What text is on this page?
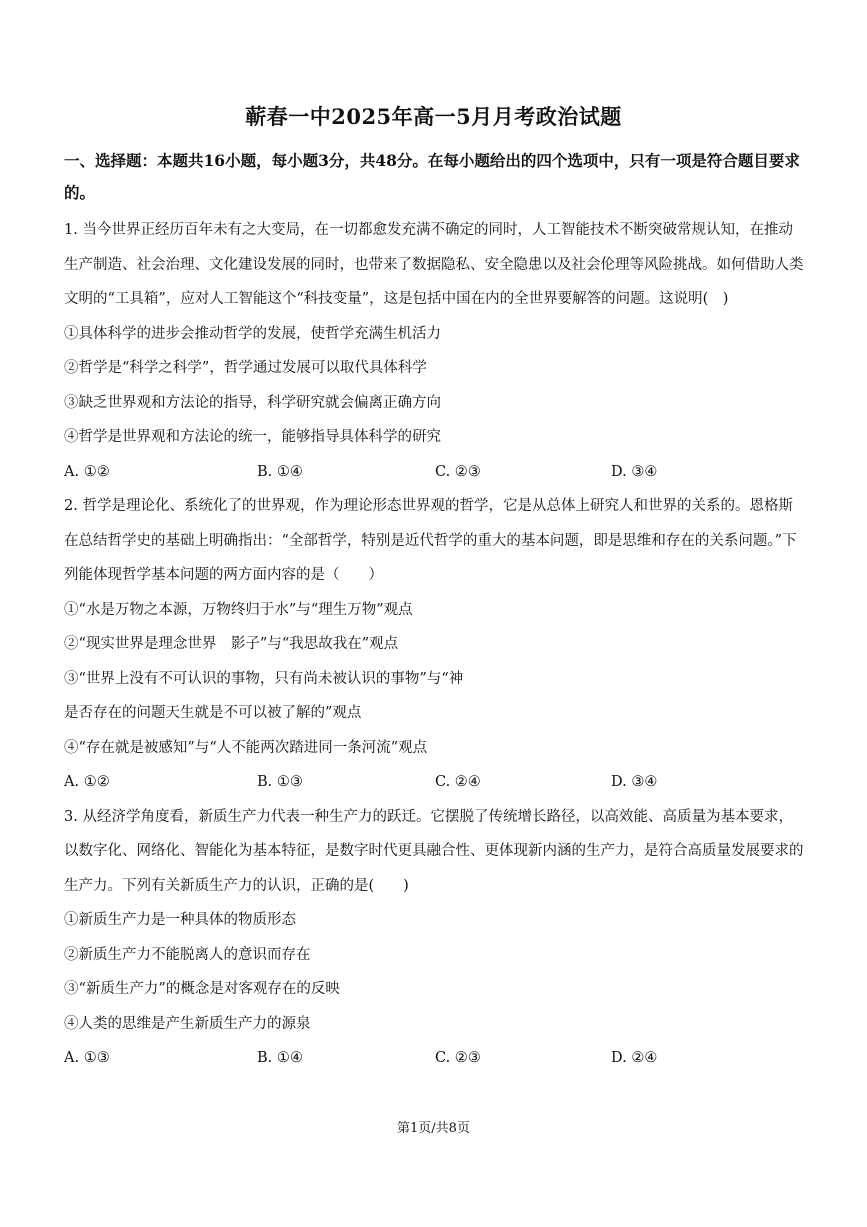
蕲春一中2025年高一5月月考政治试题
一、选择题：本题共16小题，每小题3分，共48分。在每小题给出的四个选项中，只有一项是符合题目要求的。

1. 当今世界正经历百年未有之大变局，在一切都愈发充满不确定的同时，人工智能技术不断突破常规认知，在推动生产制造、社会治理、文化建设发展的同时，也带来了数据隐私、安全隐患以及社会伦理等风险挑战。如何借助人类文明的“工具箱”，应对人工智能这个“科技变量”，这是包括中国在内的全世界要解答的问题。这说明(　)

①具体科学的进步会推动哲学的发展，使哲学充满生机活力

②哲学是“科学之科学”，哲学通过发展可以取代具体科学

③缺乏世界观和方法论的指导，科学研究就会偏离正确方向

④哲学是世界观和方法论的统一，能够指导具体科学的研究

A. ①②	B. ①④	C. ②③	D. ③④

2. 哲学是理论化、系统化了的世界观，作为理论形态世界观的哲学，它是从总体上研究人和世界的关系的。恩格斯在总结哲学史的基础上明确指出：“全部哲学，特别是近代哲学的重大的基本问题，即是思维和存在的关系问题。”下列能体现哲学基本问题的两方面内容的是（　　）

①“水是万物之本源，万物终归于水”与“理生万物”观点

②“现实世界是理念世界　影子”与“我思故我在”观点

③“世界上没有不可认识的事物，只有尚未被认识的事物”与“神

是否存在的问题天生就是不可以被了解的”观点

④“存在就是被感知”与“人不能两次踏进同一条河流”观点

A. ①②	B. ①③	C. ②④	D. ③④

3. 从经济学角度看，新质生产力代表一种生产力的跃迁。它摆脱了传统增长路径，以高效能、高质量为基本要求，以数字化、网络化、智能化为基本特征，是数字时代更具融合性、更体现新内涵的生产力，是符合高质量发展要求的生产力。下列有关新质生产力的认识，正确的是(　　)

①新质生产力是一种具体的物质形态

②新质生产力不能脱离人的意识而存在

③“新质生产力”的概念是对客观存在的反映

④人类的思维是产生新质生产力的源泉

A. ①③	B. ①④	C. ②③	D. ②④
第1页/共8页
